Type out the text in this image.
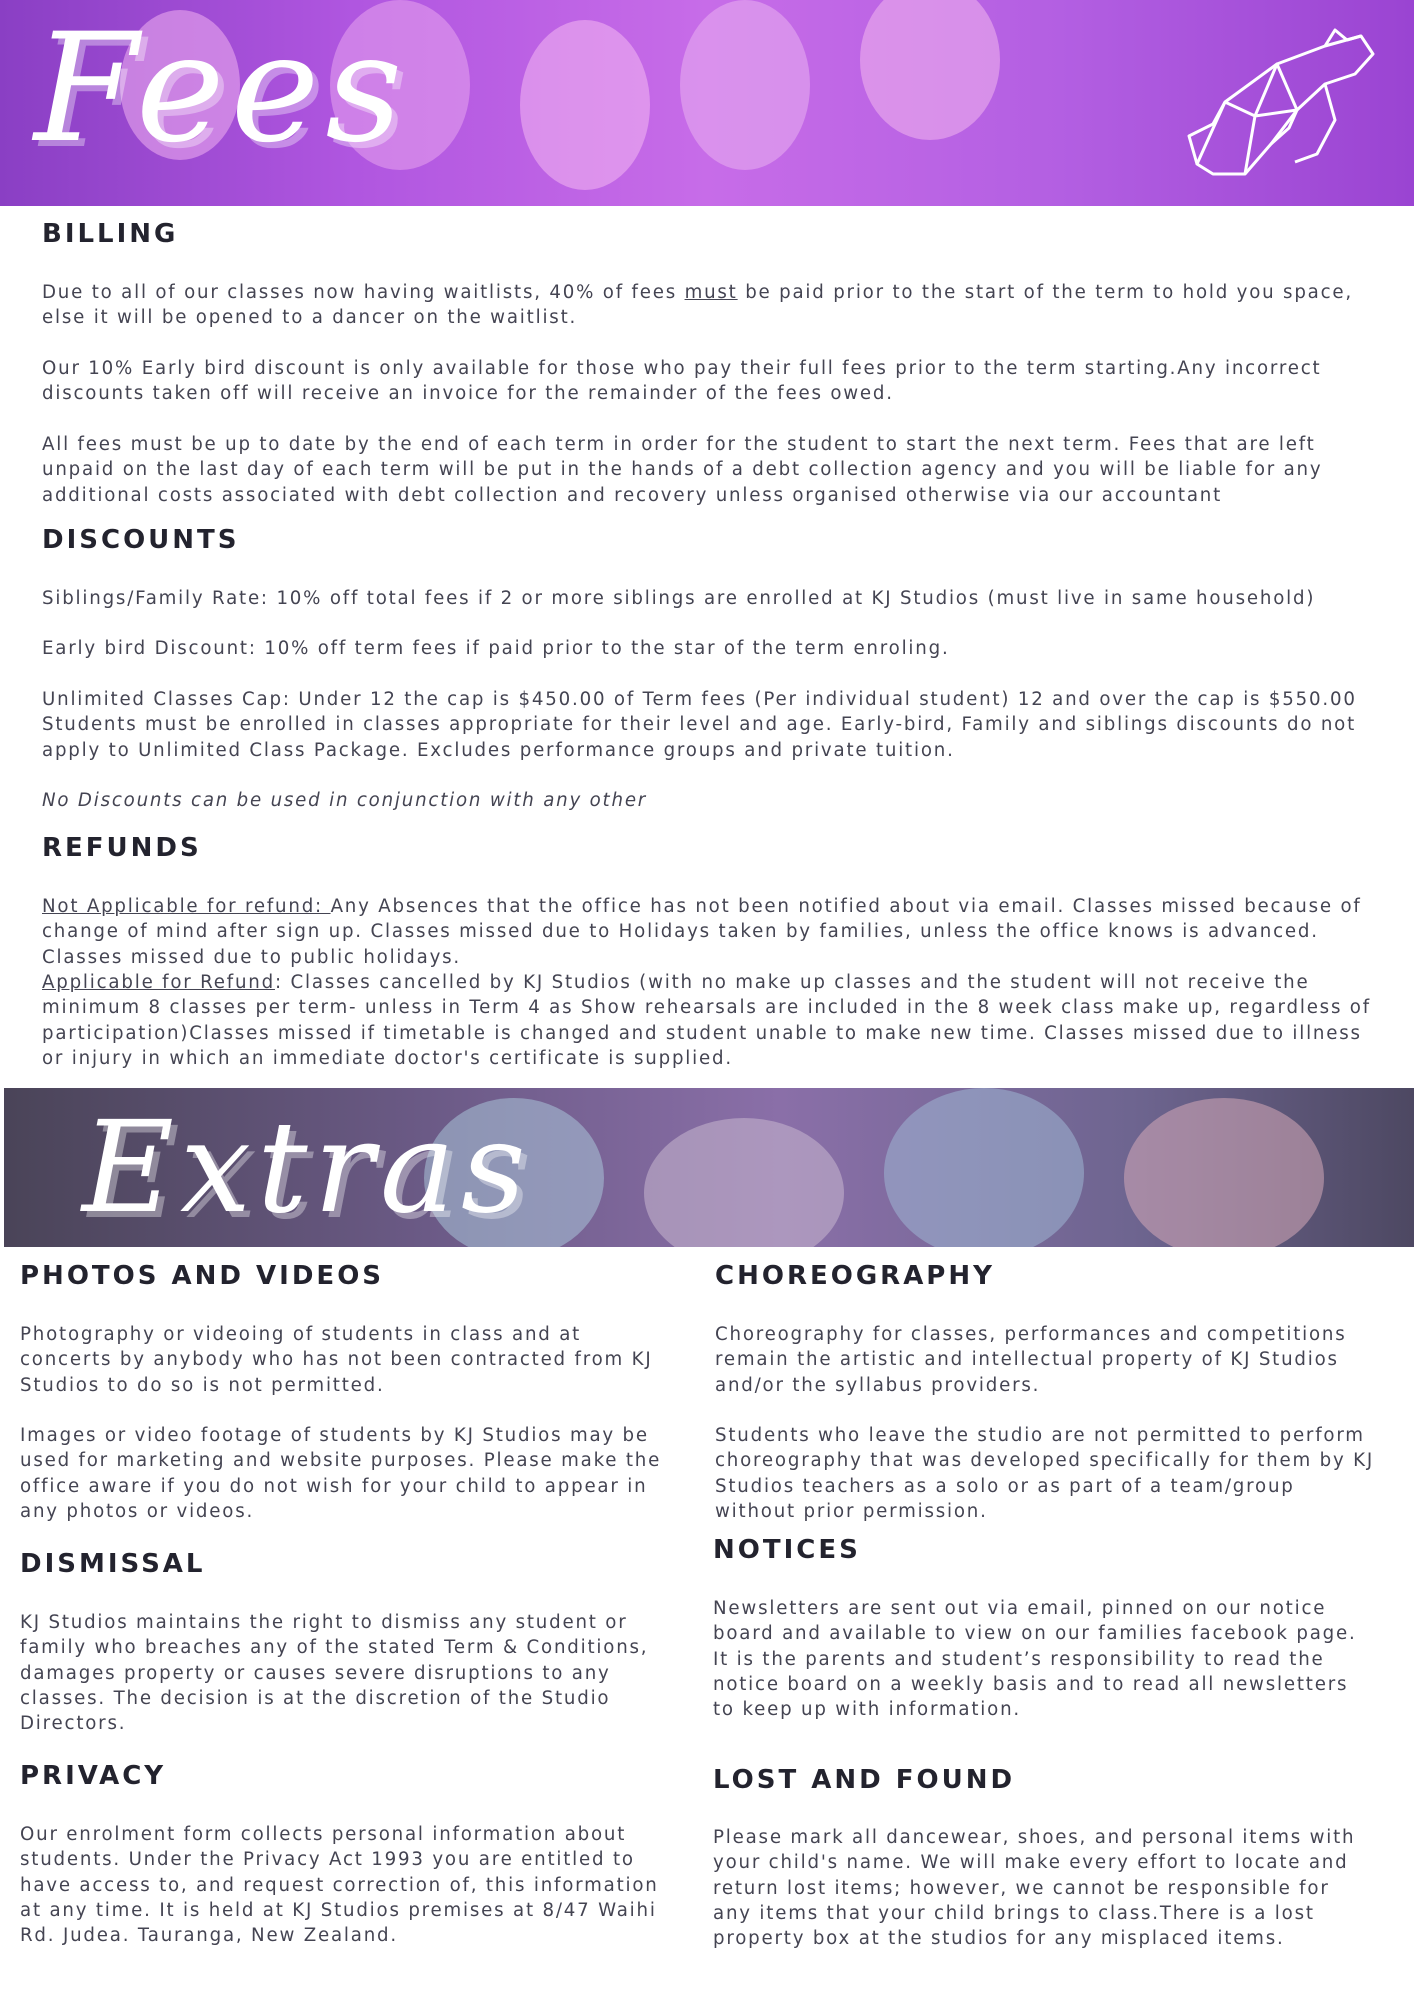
Fees
BILLING

Due to all of our classes now having waitlists, 40% of fees must be paid prior to the start of the term to hold you space, else it will be opened to a dancer on the waitlist.

Our 10% Early bird discount is only available for those who pay their full fees prior to the term starting.Any incorrect discounts taken off will receive an invoice for the remainder of the fees owed.

All fees must be up to date by the end of each term in order for the student to start the next term. Fees that are left unpaid on the last day of each term will be put in the hands of a debt collection agency and you will be liable for any additional costs associated with debt collection and recovery unless organised otherwise via our accountant

DISCOUNTS

Siblings/Family Rate: 10% off total fees if 2 or more siblings are enrolled at KJ Studios (must live in same household)

Early bird Discount: 10% off term fees if paid prior to the star of the term enroling.

Unlimited Classes Cap: Under 12 the cap is $450.00 of Term fees (Per individual student) 12 and over the cap is $550.00 Students must be enrolled in classes appropriate for their level and age. Early-bird, Family and siblings discounts do not apply to Unlimited Class Package. Excludes performance groups and private tuition.

No Discounts can be used in conjunction with any other

REFUNDS

Not Applicable for refund: Any Absences that the office has not been notified about via email. Classes missed because of change of mind after sign up. Classes missed due to Holidays taken by families, unless the office knows is advanced. Classes missed due to public holidays.

Applicable for Refund: Classes cancelled by KJ Studios (with no make up classes and the student will not receive the minimum 8 classes per term- unless in Term 4 as Show rehearsals are included in the 8 week class make up, regardless of participation)Classes missed if timetable is changed and student unable to make new time. Classes missed due to illness or injury in which an immediate doctor's certificate is supplied.

Extras
PHOTOS AND VIDEOS

Photography or videoing of students in class and at concerts by anybody who has not been contracted from KJ Studios to do so is not permitted.

Images or video footage of students by KJ Studios may be used for marketing and website purposes. Please make the office aware if you do not wish for your child to appear in any photos or videos.

DISMISSAL

KJ Studios maintains the right to dismiss any student or family who breaches any of the stated Term & Conditions, damages property or causes severe disruptions to any classes. The decision is at the discretion of the Studio Directors.

PRIVACY

Our enrolment form collects personal information about students. Under the Privacy Act 1993 you are entitled to have access to, and request correction of, this information at any time. It is held at KJ Studios premises at 8/47 Waihi Rd. Judea. Tauranga, New Zealand.

CHOREOGRAPHY

Choreography for classes, performances and competitions remain the artistic and intellectual property of KJ Studios and/or the syllabus providers.

Students who leave the studio are not permitted to perform choreography that was developed specifically for them by KJ Studios teachers as a solo or as part of a team/group without prior permission.

NOTICES

Newsletters are sent out via email, pinned on our notice board and available to view on our families facebook page. It is the parents and student’s responsibility to read the notice board on a weekly basis and to read all newsletters to keep up with information.

LOST AND FOUND

Please mark all dancewear, shoes, and personal items with your child's name. We will make every effort to locate and return lost items; however, we cannot be responsible for any items that your child brings to class.There is a lost property box at the studios for any misplaced items.
